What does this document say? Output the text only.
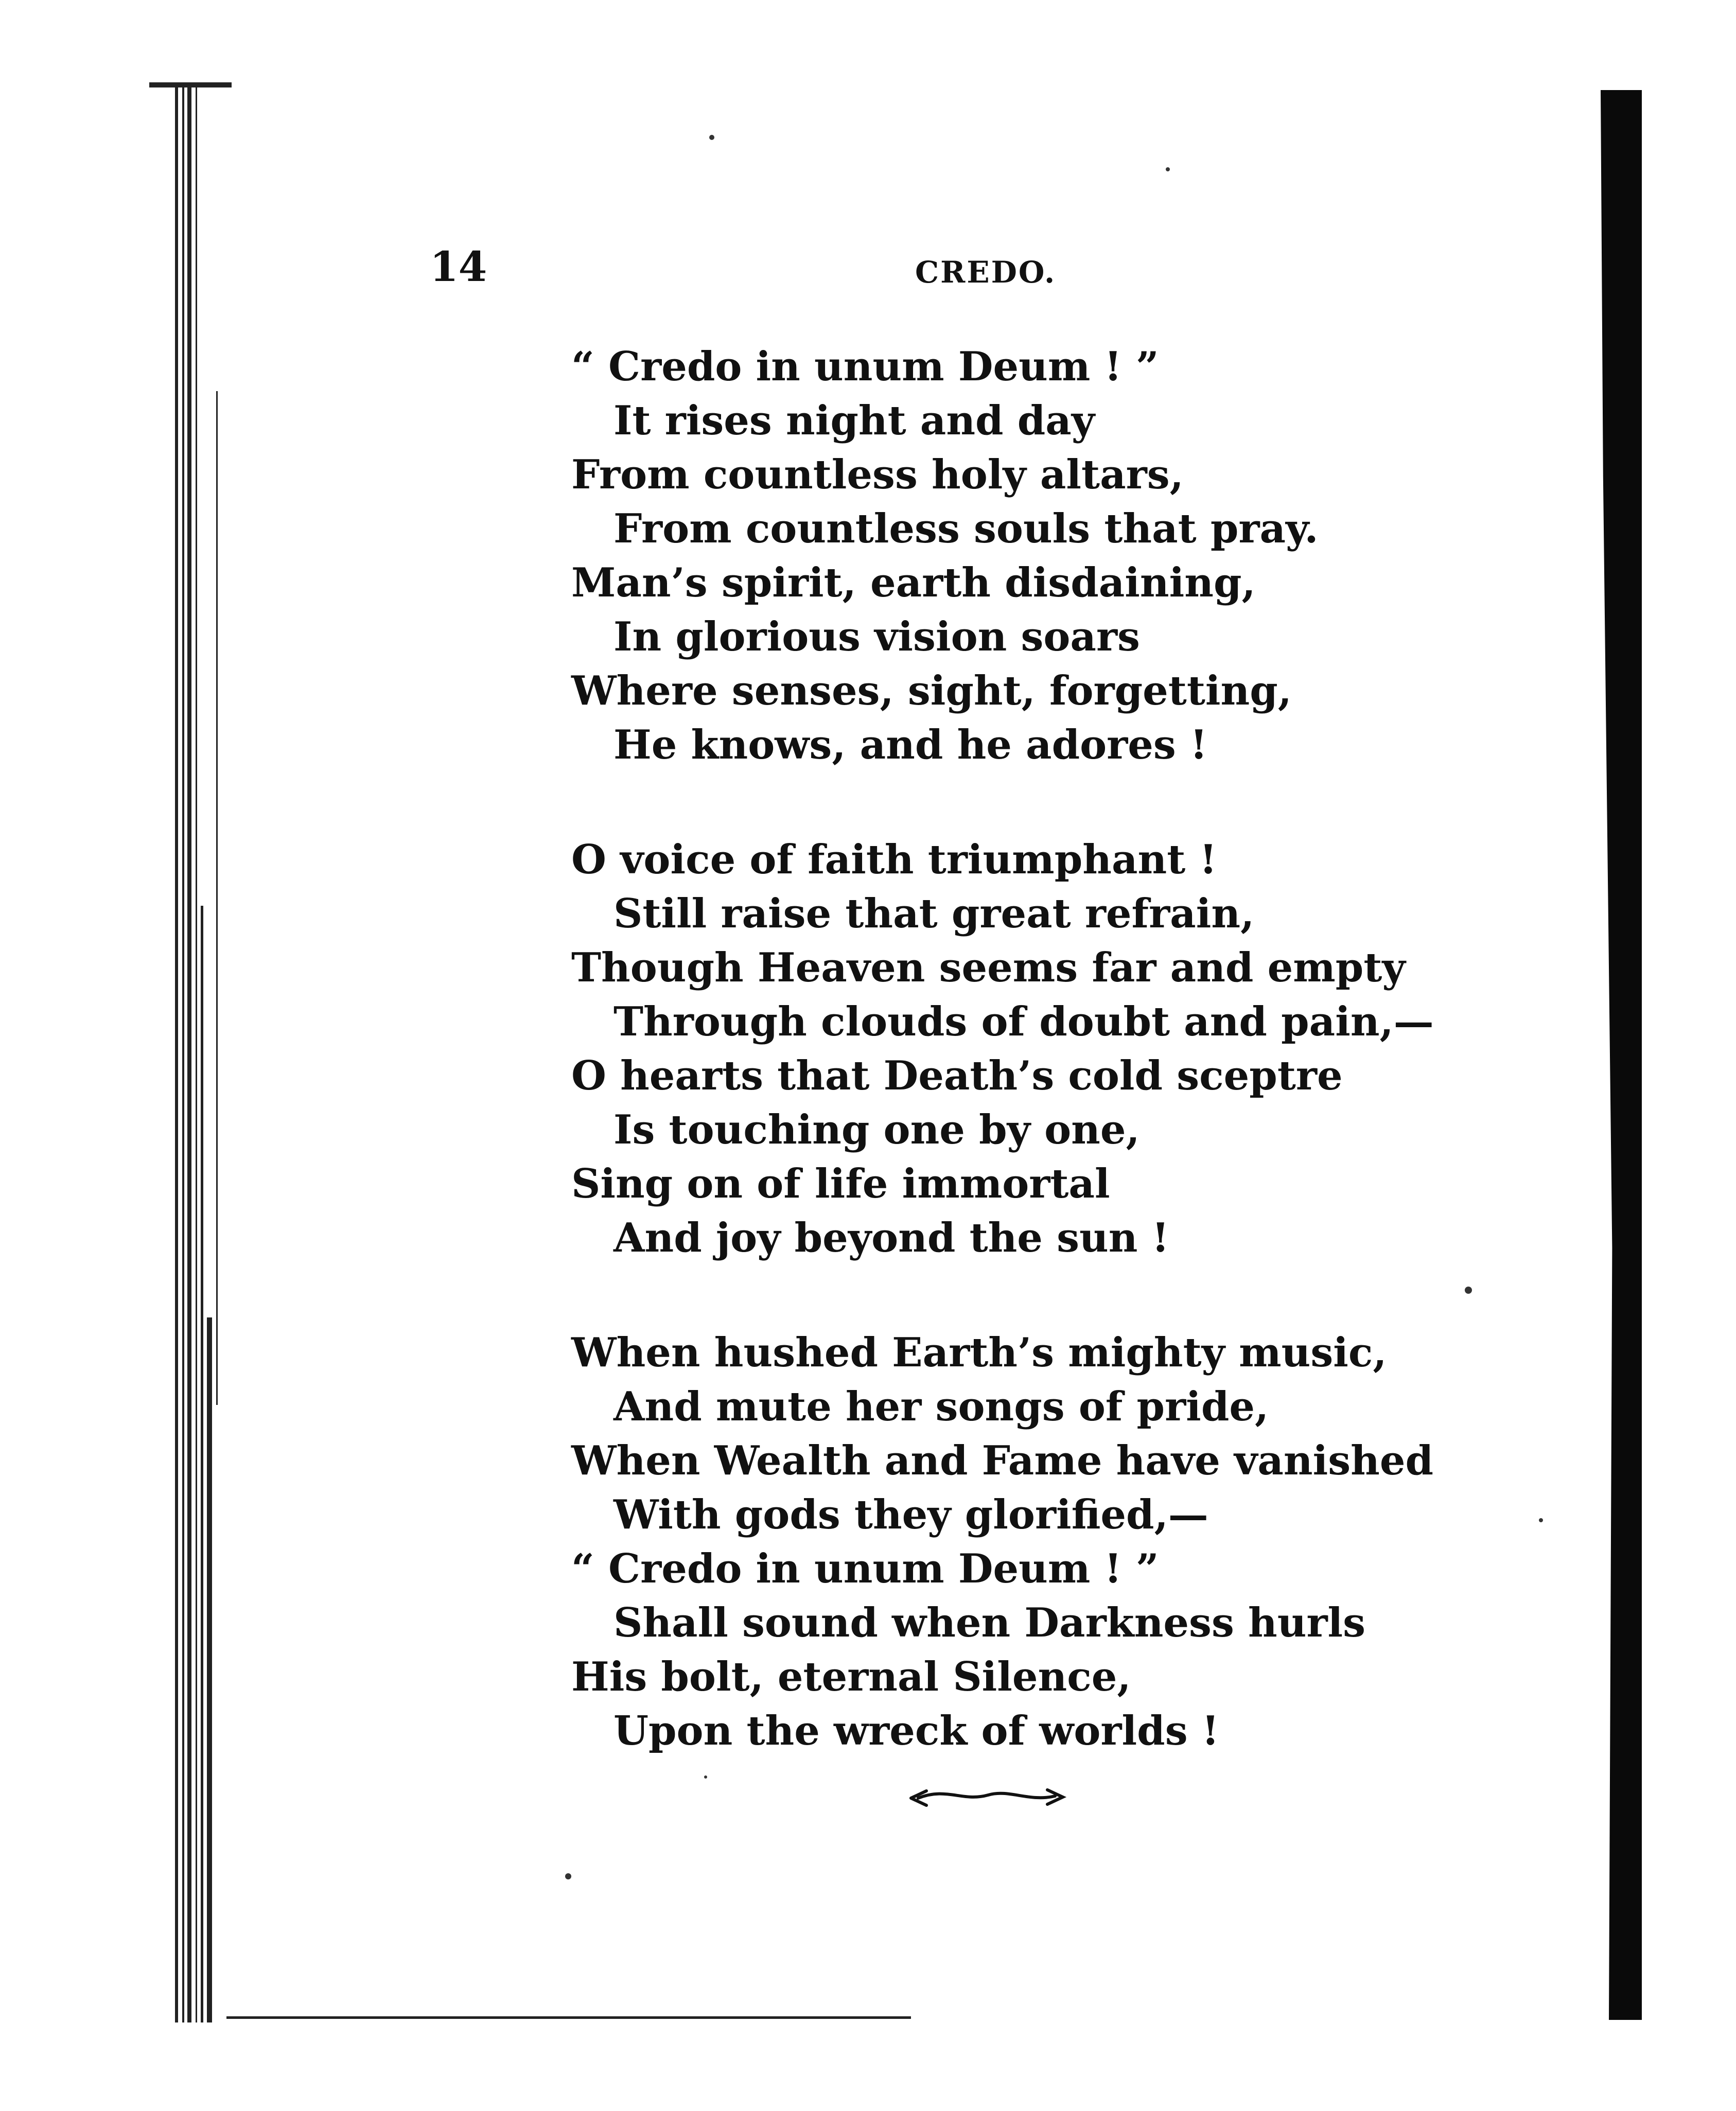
14	CREDO.
“ Credo in unum Deum ! ”
It rises night and day
From countless holy altars,
From countless souls that pray.
Man’s spirit, earth disdaining,
In glorious vision soars
Where senses, sight, forgetting,
He knows, and he adores !
O voice of faith triumphant !
Still raise that great refrain,
Though Heaven seems far and empty
Through clouds of doubt and pain,—
O hearts that Death’s cold sceptre
Is touching one by one,
Sing on of life immortal
And joy beyond the sun !
When hushed Earth’s mighty music,
And mute her songs of pride,
When Wealth and Fame have vanished
With gods they glorified,—
“ Credo in unum Deum ! ”
Shall sound when Darkness hurls
His bolt, eternal Silence,
Upon the wreck of worlds !
